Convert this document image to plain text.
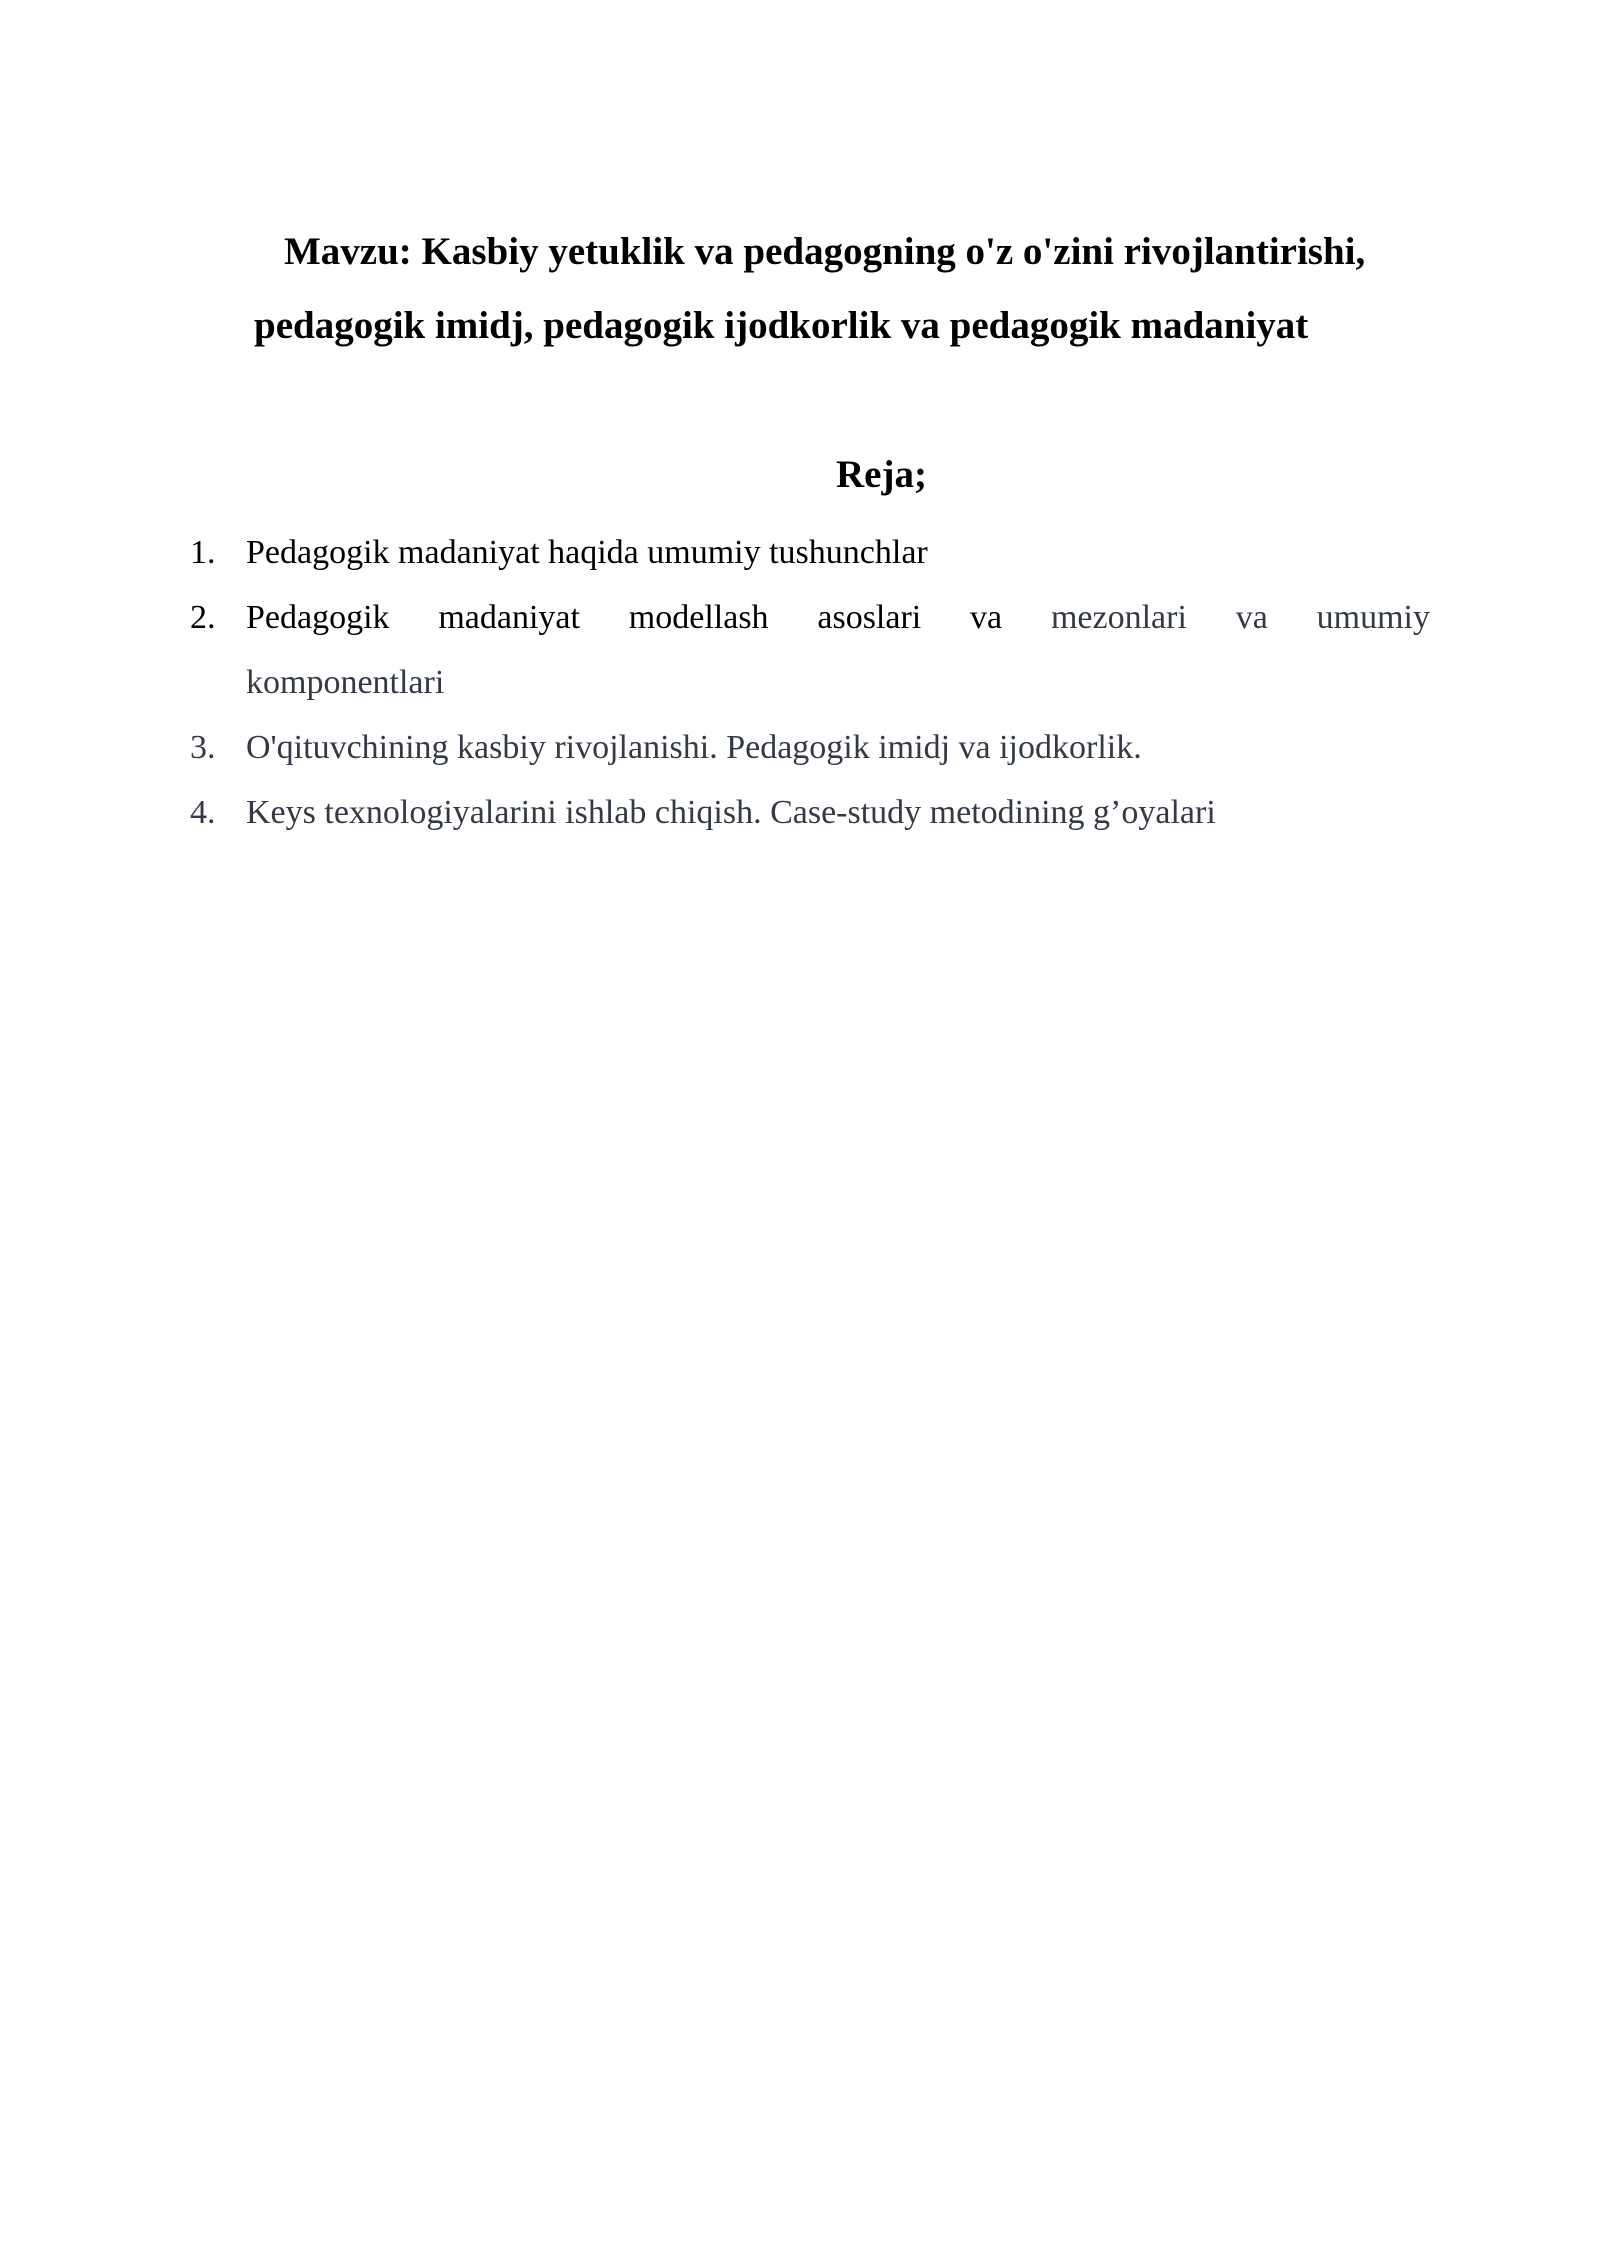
Mavzu: Kasbiy yetuklik va pedagogning o'z o'zini rivojlantirishi,
pedagogik imidj, pedagogik ijodkorlik va pedagogik madaniyat
Reja;
1. Pedagogik madaniyat haqida umumiy tushunchlar
2. Pedagogik madaniyat modellash asoslari va mezonlari va umumiy
komponentlari
3. O'qituvchining kasbiy rivojlanishi. Pedagogik imidj va ijodkorlik.
4. Keys texnologiyalarini ishlab chiqish. Case-study metodining g’oyalari
